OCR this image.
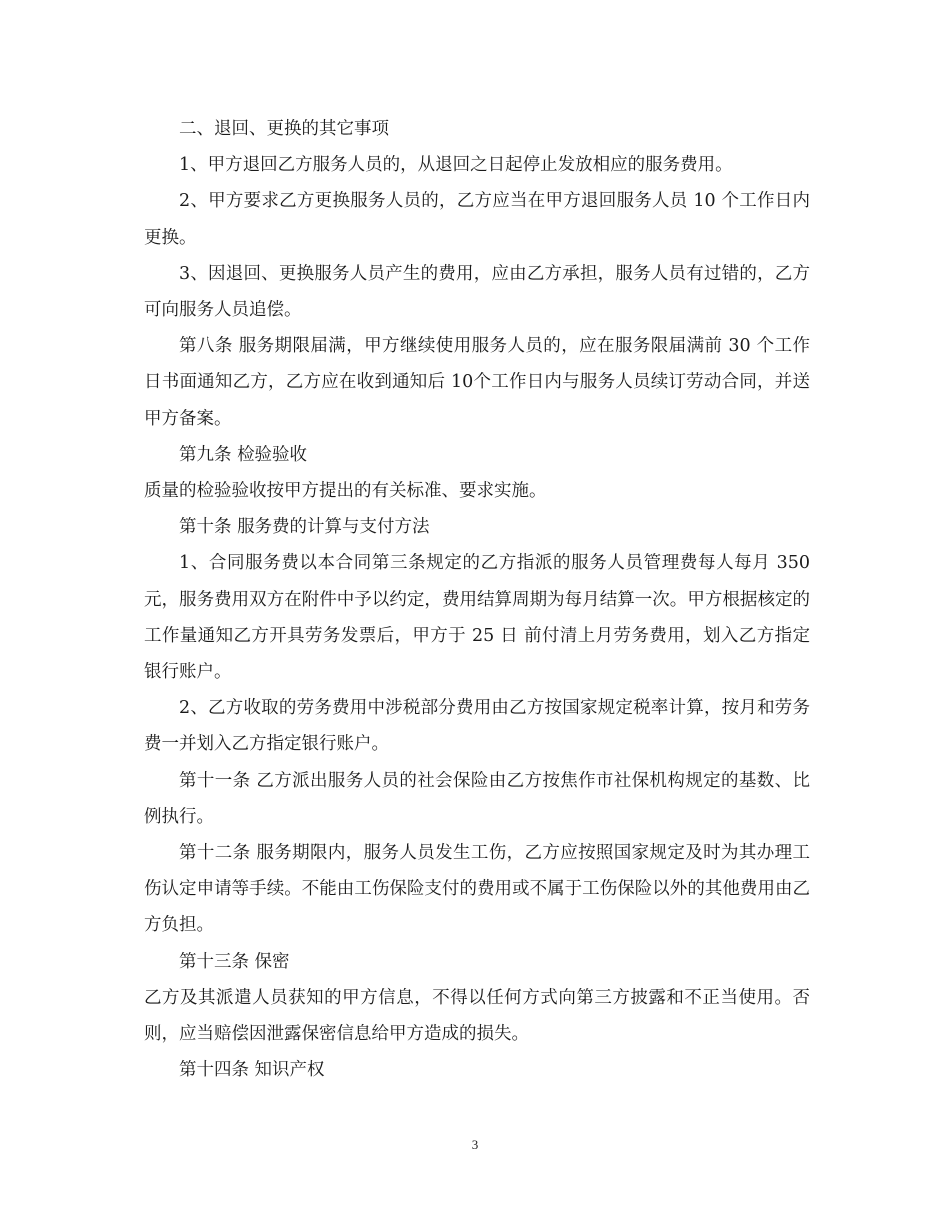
二、退回、更换的其它事项

1、甲方退回乙方服务人员的，从退回之日起停止发放相应的服务费用。

2、甲方要求乙方更换服务人员的，乙方应当在甲方退回服务人员 10 个工作日内更换。

3、因退回、更换服务人员产生的费用，应由乙方承担，服务人员有过错的，乙方可向服务人员追偿。

第八条 服务期限届满，甲方继续使用服务人员的，应在服务限届满前 30 个工作日书面通知乙方，乙方应在收到通知后 10个工作日内与服务人员续订劳动合同，并送甲方备案。

第九条 检验验收

质量的检验验收按甲方提出的有关标准、要求实施。

第十条 服务费的计算与支付方法

1、合同服务费以本合同第三条规定的乙方指派的服务人员管理费每人每月 350 元，服务费用双方在附件中予以约定，费用结算周期为每月结算一次。甲方根据核定的工作量通知乙方开具劳务发票后，甲方于 25 日 前付清上月劳务费用，划入乙方指定银行账户。

2、乙方收取的劳务费用中涉税部分费用由乙方按国家规定税率计算，按月和劳务费一并划入乙方指定银行账户。

第十一条 乙方派出服务人员的社会保险由乙方按焦作市社保机构规定的基数、比例执行。

第十二条 服务期限内，服务人员发生工伤，乙方应按照国家规定及时为其办理工伤认定申请等手续。不能由工伤保险支付的费用或不属于工伤保险以外的其他费用由乙方负担。

第十三条 保密

乙方及其派遣人员获知的甲方信息，不得以任何方式向第三方披露和不正当使用。否则，应当赔偿因泄露保密信息给甲方造成的损失。

第十四条 知识产权

3
